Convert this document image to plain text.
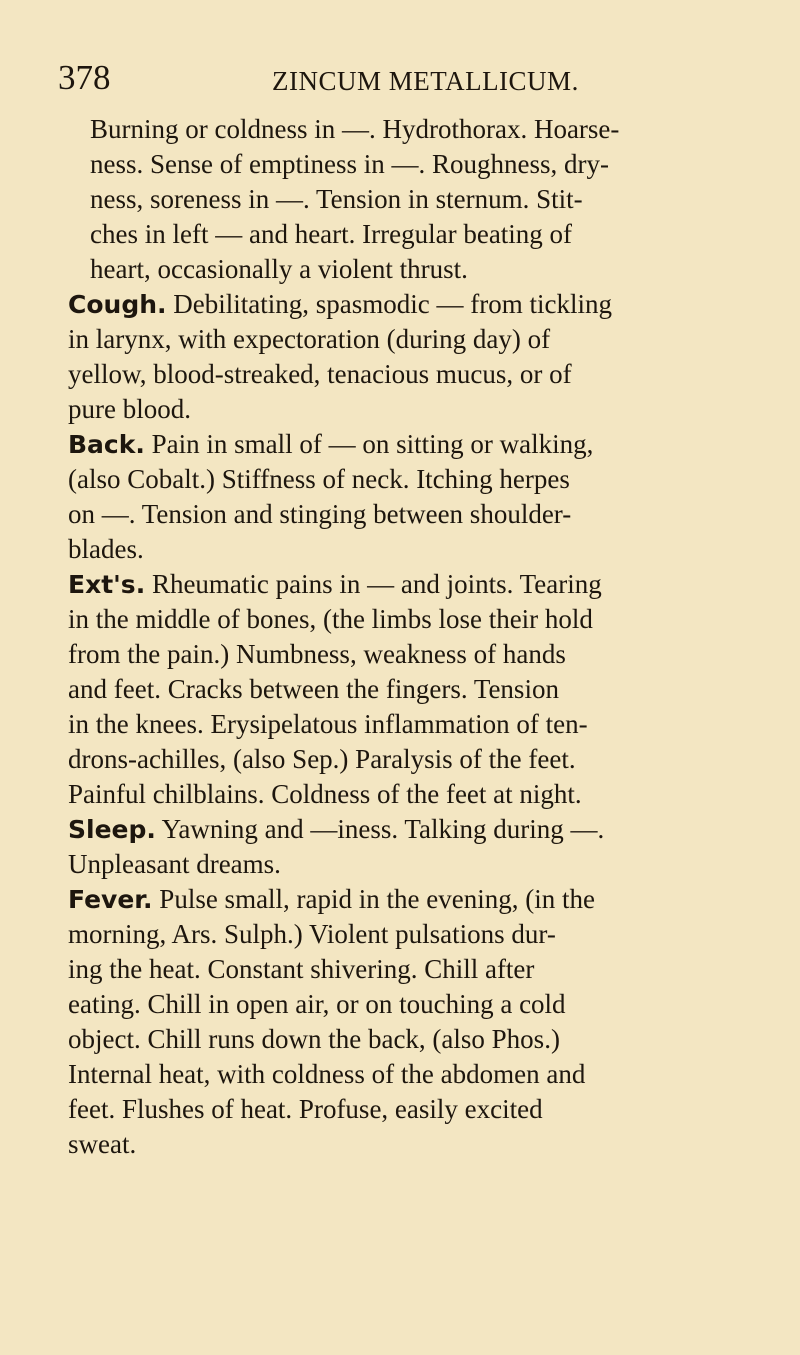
378	ZINCUM METALLICUM.

Burning or coldness in —. Hydrothorax. Hoarse-
ness. Sense of emptiness in —. Roughness, dry-
ness, soreness in —. Tension in sternum. Stit-
ches in left — and heart. Irregular beating of
heart, occasionally a violent thrust.

Cough. Debilitating, spasmodic — from tickling
in larynx, with expectoration (during day) of
yellow, blood-streaked, tenacious mucus, or of
pure blood.

Back. Pain in small of — on sitting or walking,
(also Cobalt.) Stiffness of neck. Itching herpes
on —. Tension and stinging between shoulder-
blades.

Ext's. Rheumatic pains in — and joints. Tearing
in the middle of bones, (the limbs lose their hold
from the pain.) Numbness, weakness of hands
and feet. Cracks between the fingers. Tension
in the knees. Erysipelatous inflammation of ten-
drons-achilles, (also Sep.) Paralysis of the feet.
Painful chilblains. Coldness of the feet at night.

Sleep. Yawning and —iness. Talking during —.
Unpleasant dreams.

Fever. Pulse small, rapid in the evening, (in the
morning, Ars. Sulph.) Violent pulsations dur-
ing the heat. Constant shivering. Chill after
eating. Chill in open air, or on touching a cold
object. Chill runs down the back, (also Phos.)
Internal heat, with coldness of the abdomen and
feet. Flushes of heat. Profuse, easily excited
sweat.
